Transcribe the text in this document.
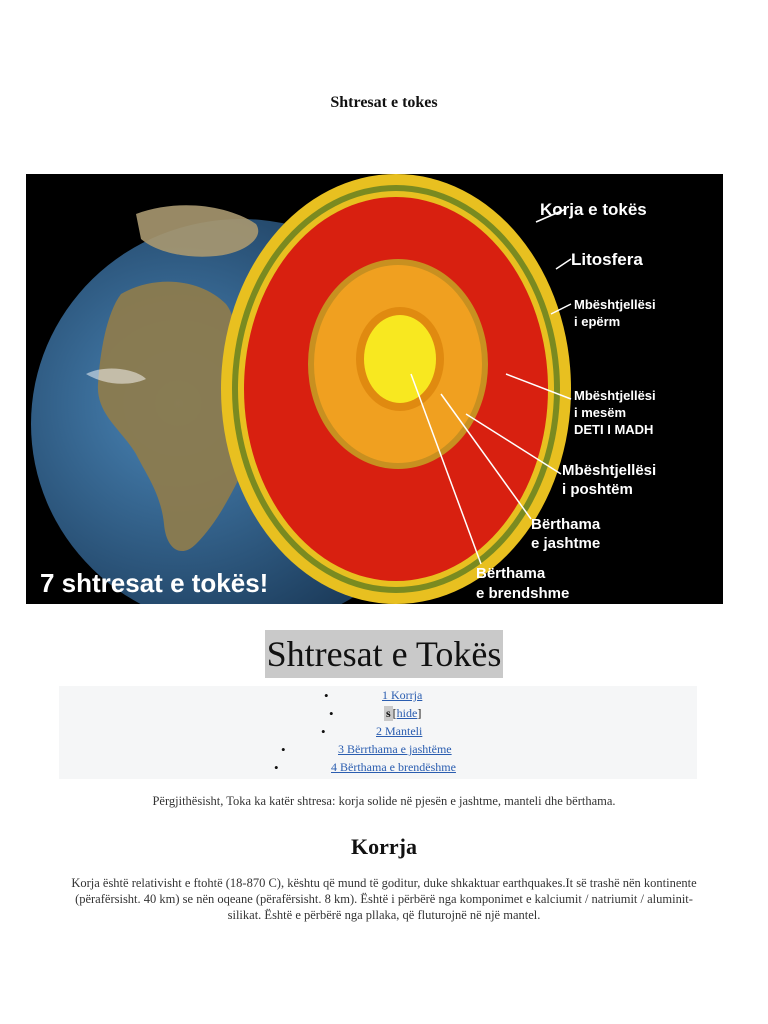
Shtresat e tokes
Korja e tokës
Litosfera
Mbështjellësi
i epërm
Mbështjellësi
i mesëm
DETI I MADH
Mbështjellësi
i poshtëm
Bërthama
e jashtme
Bërthama
e brendshme
7 shtresat e tokës!
Shtresat e Tokës
•	1 Korrja
•	s [hide]
•	2 Manteli
•	3 Bërrthama e jashtëme
•	4 Bërthama e brendëshme
Përgjithësisht, Toka ka katër shtresa: korja solide në pjesën e jashtme, manteli dhe bërthama.
Korrja
Korja është relativisht e ftohtë (18-870 C), kështu që mund të goditur, duke shkaktuar earthquakes.It së trashë nën kontinente (përafërsisht. 40 km) se nën oqeane (përafërsisht. 8 km). Është i përbërë nga komponimet e kalciumit / natriumit / aluminit-silikat. Është e përbërë nga pllaka, që fluturojnë në një mantel.
